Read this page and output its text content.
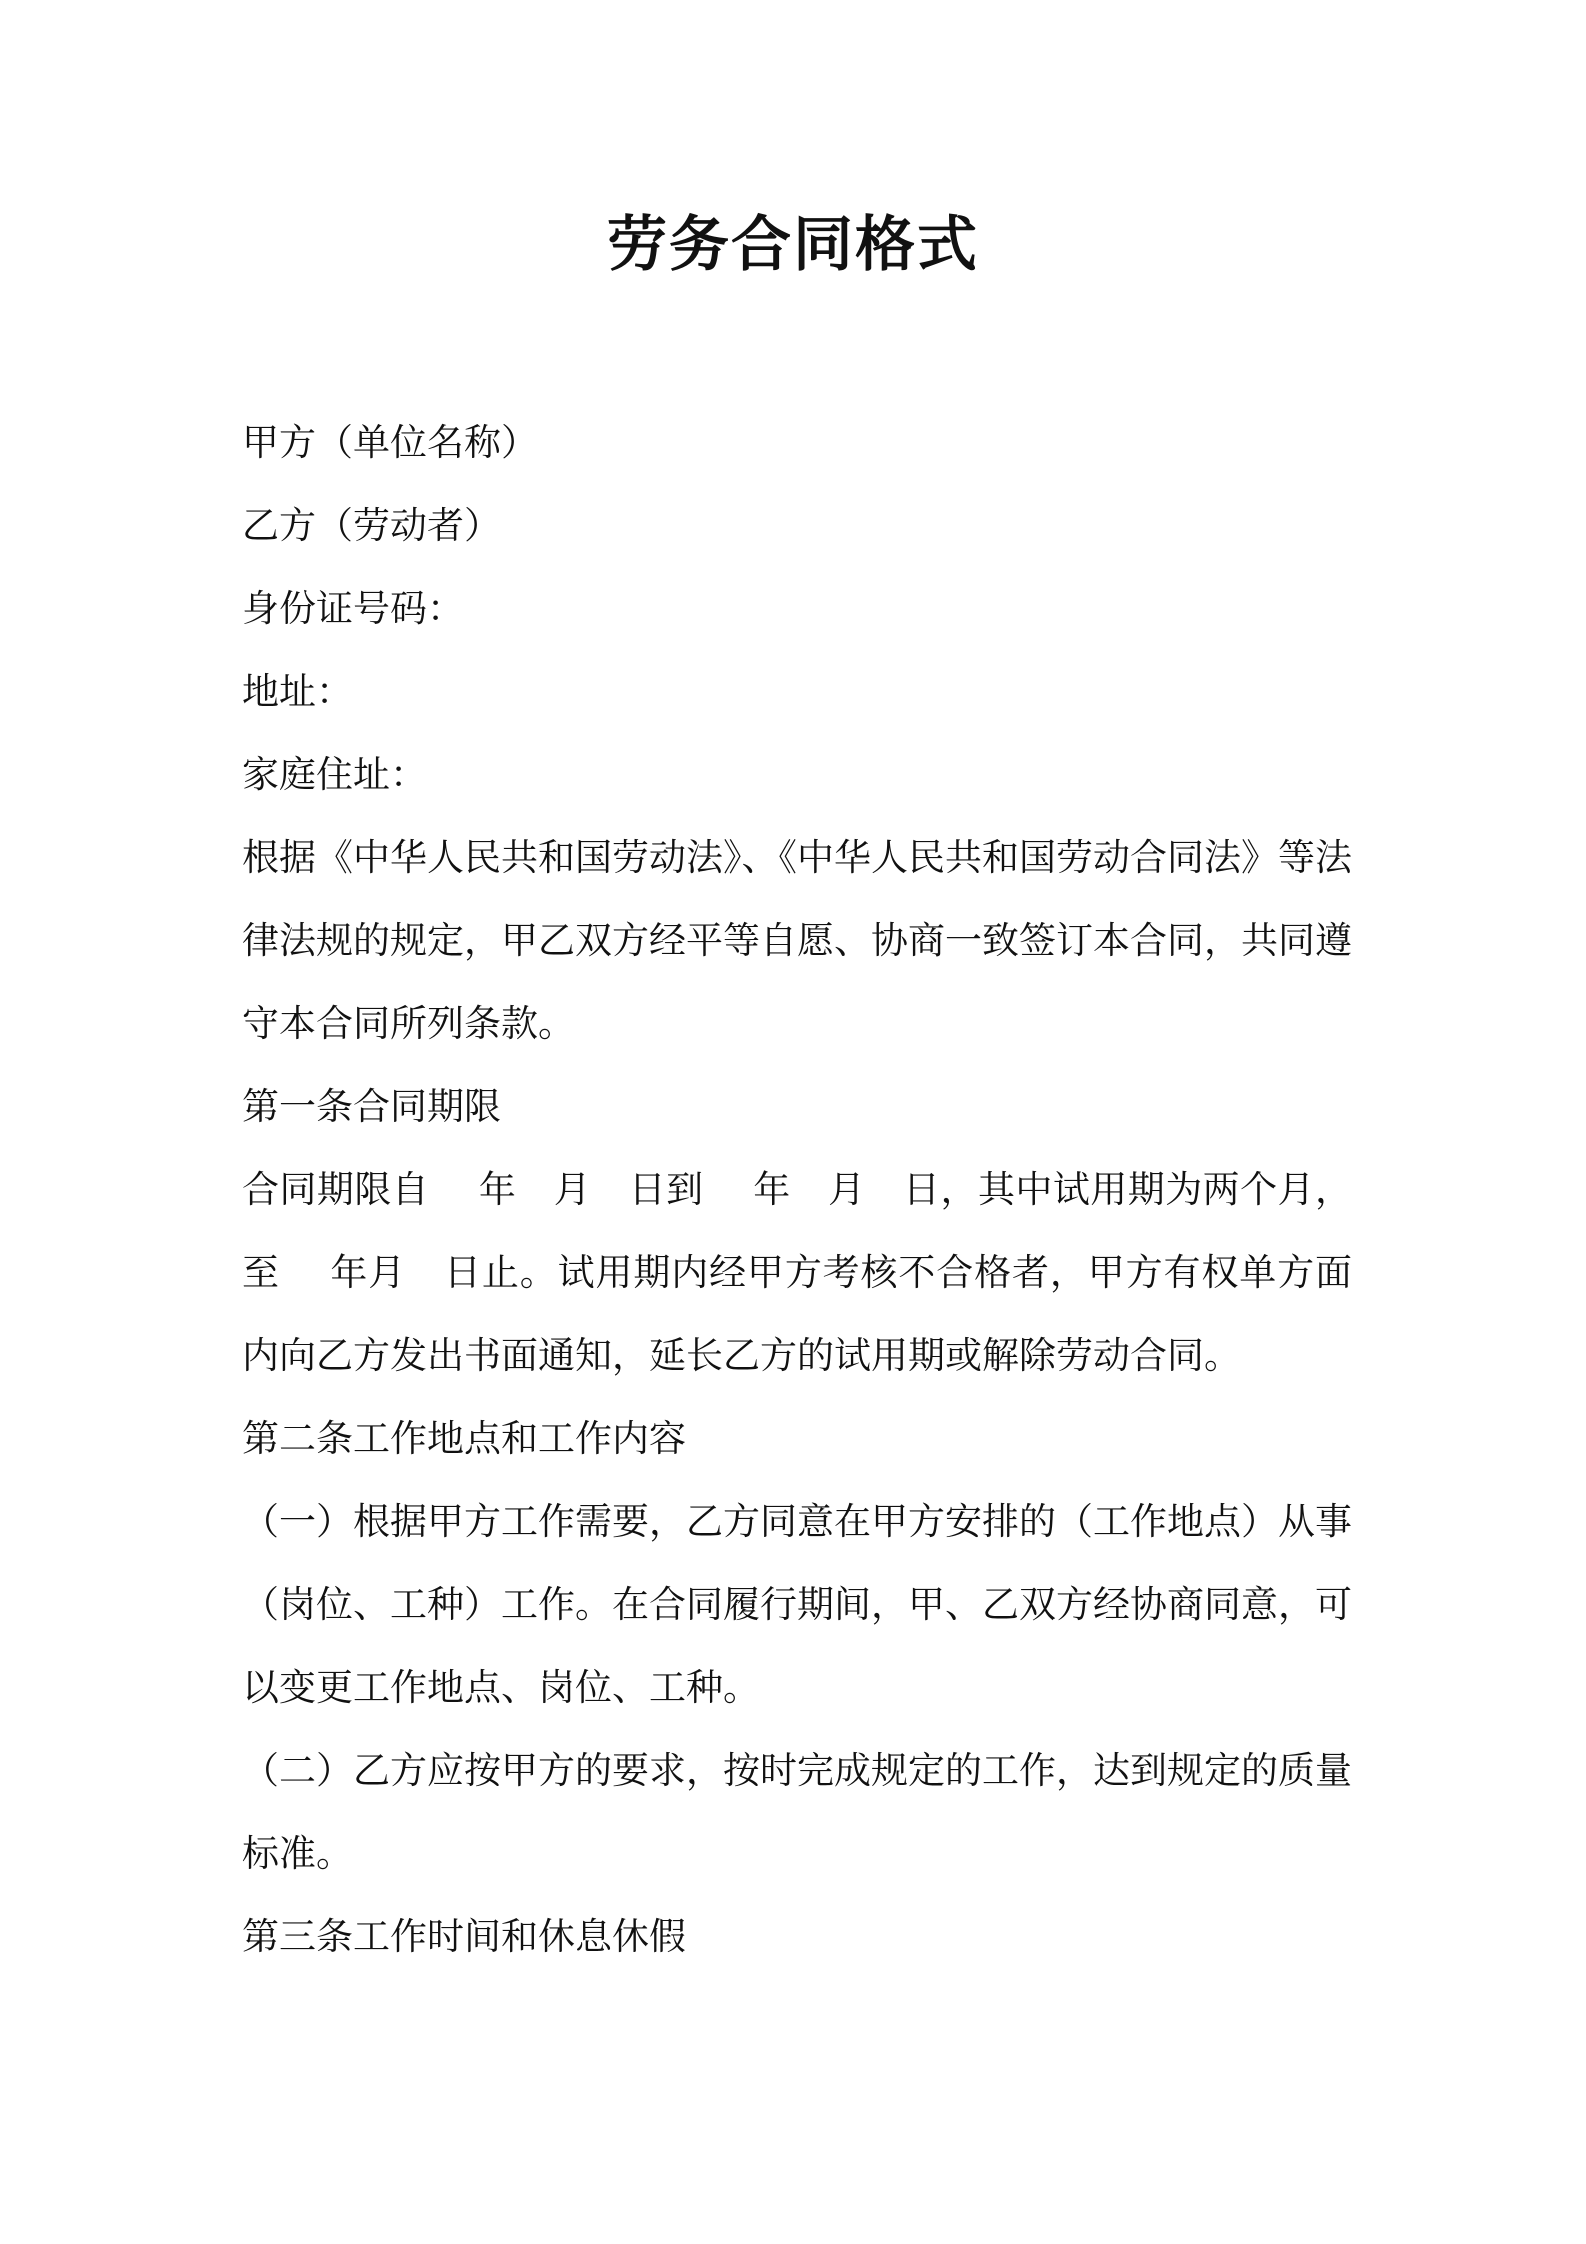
劳务合同格式
甲方（单位名称）
乙方（劳动者）
身份证号码：
地址：
家庭住址：
根据《中华人民共和国劳动法》、《中华人民共和国劳动合同法》等法律法规的规定，甲乙双方经平等自愿、协商一致签订本合同，共同遵守本合同所列条款。
第一条合同期限
合同期限自　 年　月　日到　 年　月　日，其中试用期为两个月，至　 年月　日止。试用期内经甲方考核不合格者，甲方有权单方面内向乙方发出书面通知，延长乙方的试用期或解除劳动合同。
第二条工作地点和工作内容
（一）根据甲方工作需要，乙方同意在甲方安排的（工作地点）从事（岗位、工种）工作。在合同履行期间，甲、乙双方经协商同意，可以变更工作地点、岗位、工种。
（二）乙方应按甲方的要求，按时完成规定的工作，达到规定的质量标准。
第三条工作时间和休息休假
